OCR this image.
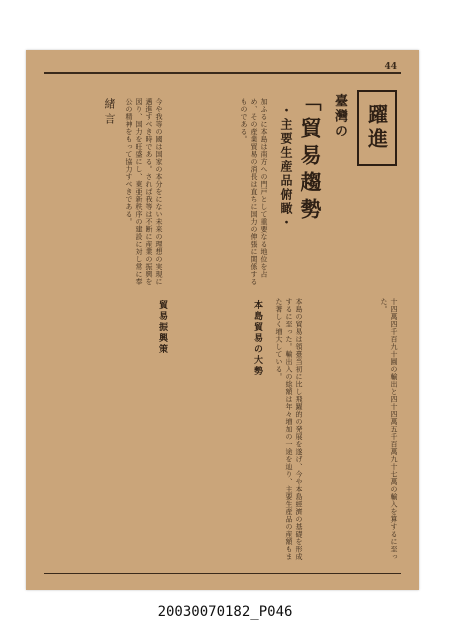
44
躍進
臺灣の
「貿易趨勢
・主要生産品俯瞰・
緒言	今や我等の國は国家の本分をにない未来の理想の実現に邁進すべき時である。されば我等は不断に産業の振興を図り、国力を旺盛にし、東亜新秩序の建設に対し常に奉公の精神をもって協力すべきである。	加ふるに本島は南方への門戸として重要なる地位を占め、その産業貿易の消長は直ちに国力の伸張に関係するものである。
本島貿易の大勢
貿易振興策	本島の貿易は領臺当初に比し飛躍的の発展を遂げ、今や本島經濟の基礎を形成するに至った。輸出入の総額は年々増加の一途を辿り、主要生産品の産額もまた著しく増大している。	十四萬四千百九十圓の輸出と四十四萬五千百萬九十七萬の輸入を算するに至った。
20030070182_P046
